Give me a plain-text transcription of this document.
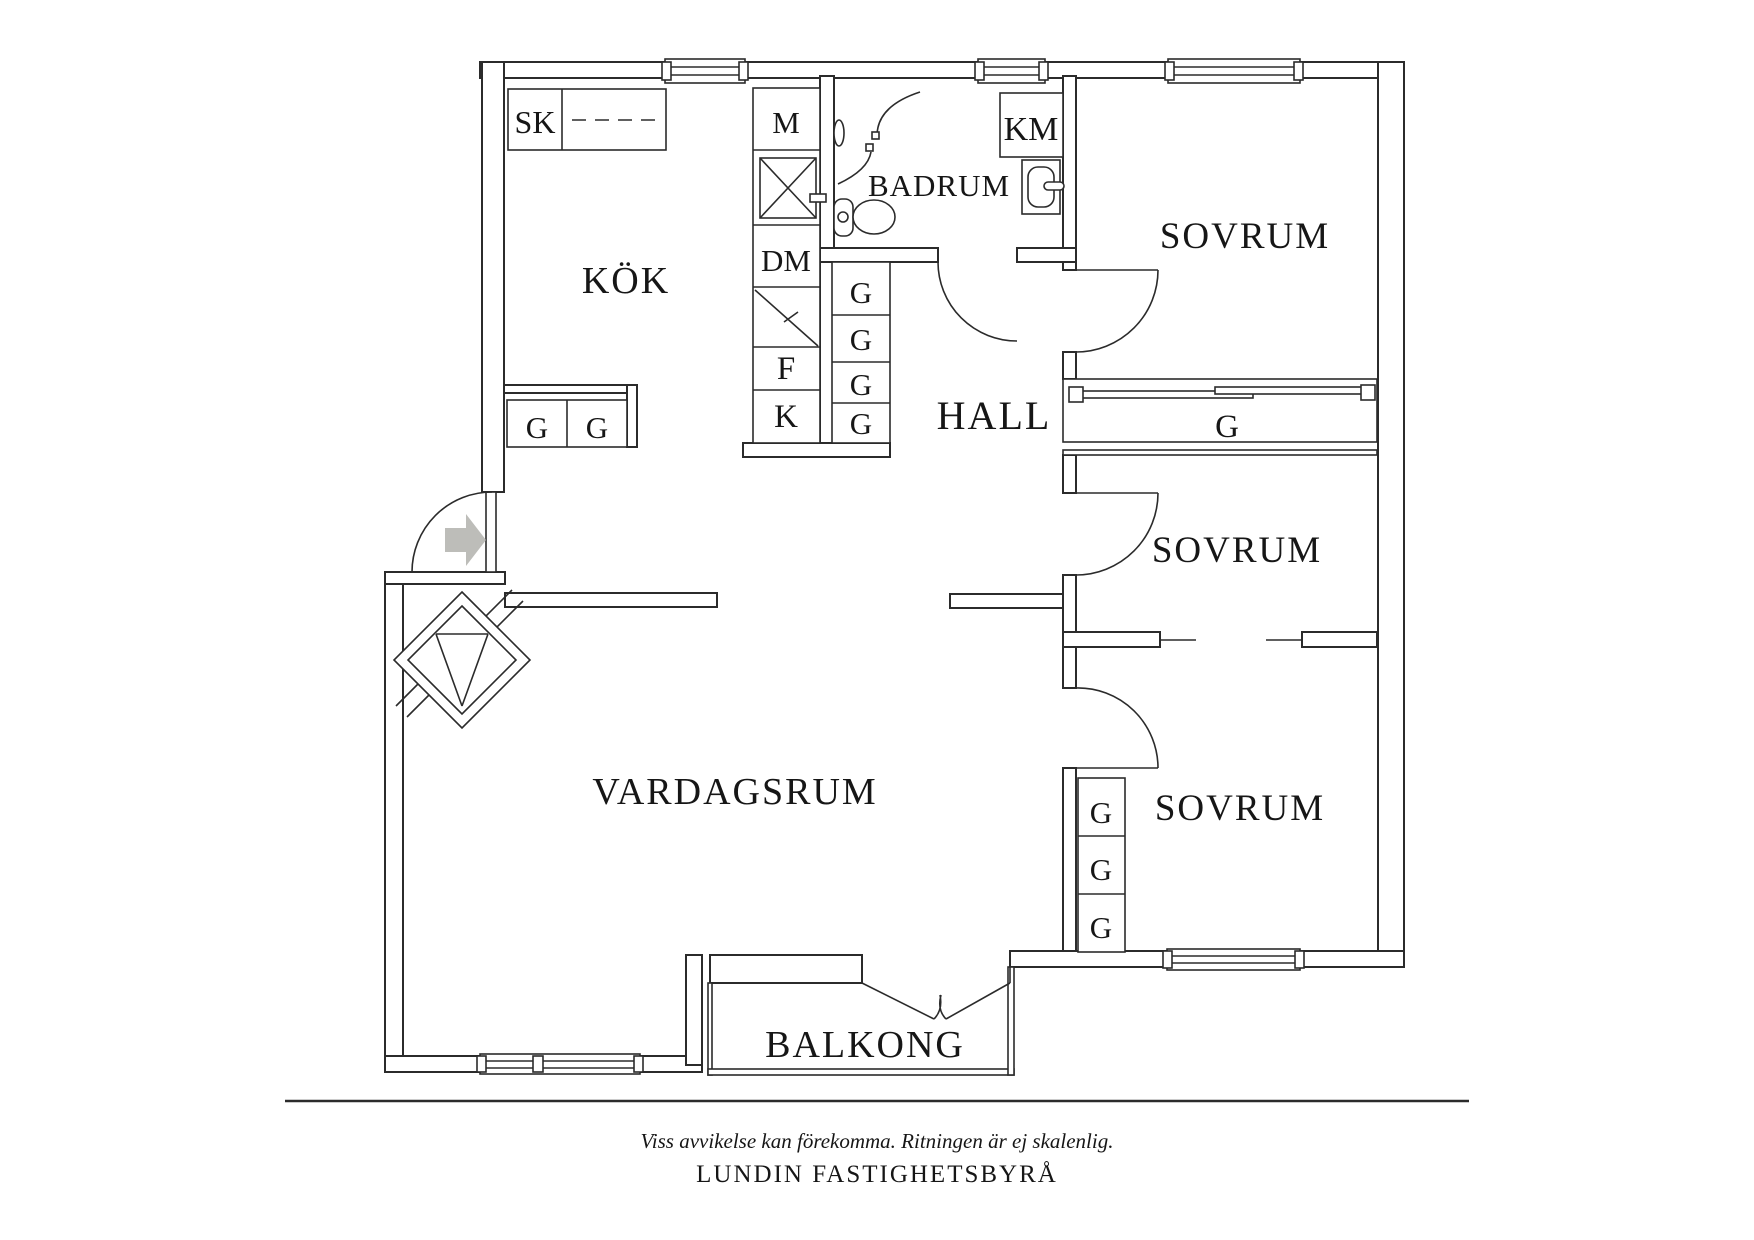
KÖK
BADRUM
HALL
SOVRUM
SOVRUM
SOVRUM
VARDAGSRUM
BALKONG
SK	M
DM
F
K
KM
G
G
G
G
G G	G
G
G
G
Viss avvikelse kan förekomma. Ritningen är ej skalenlig.
LUNDIN FASTIGHETSBYRÅ
